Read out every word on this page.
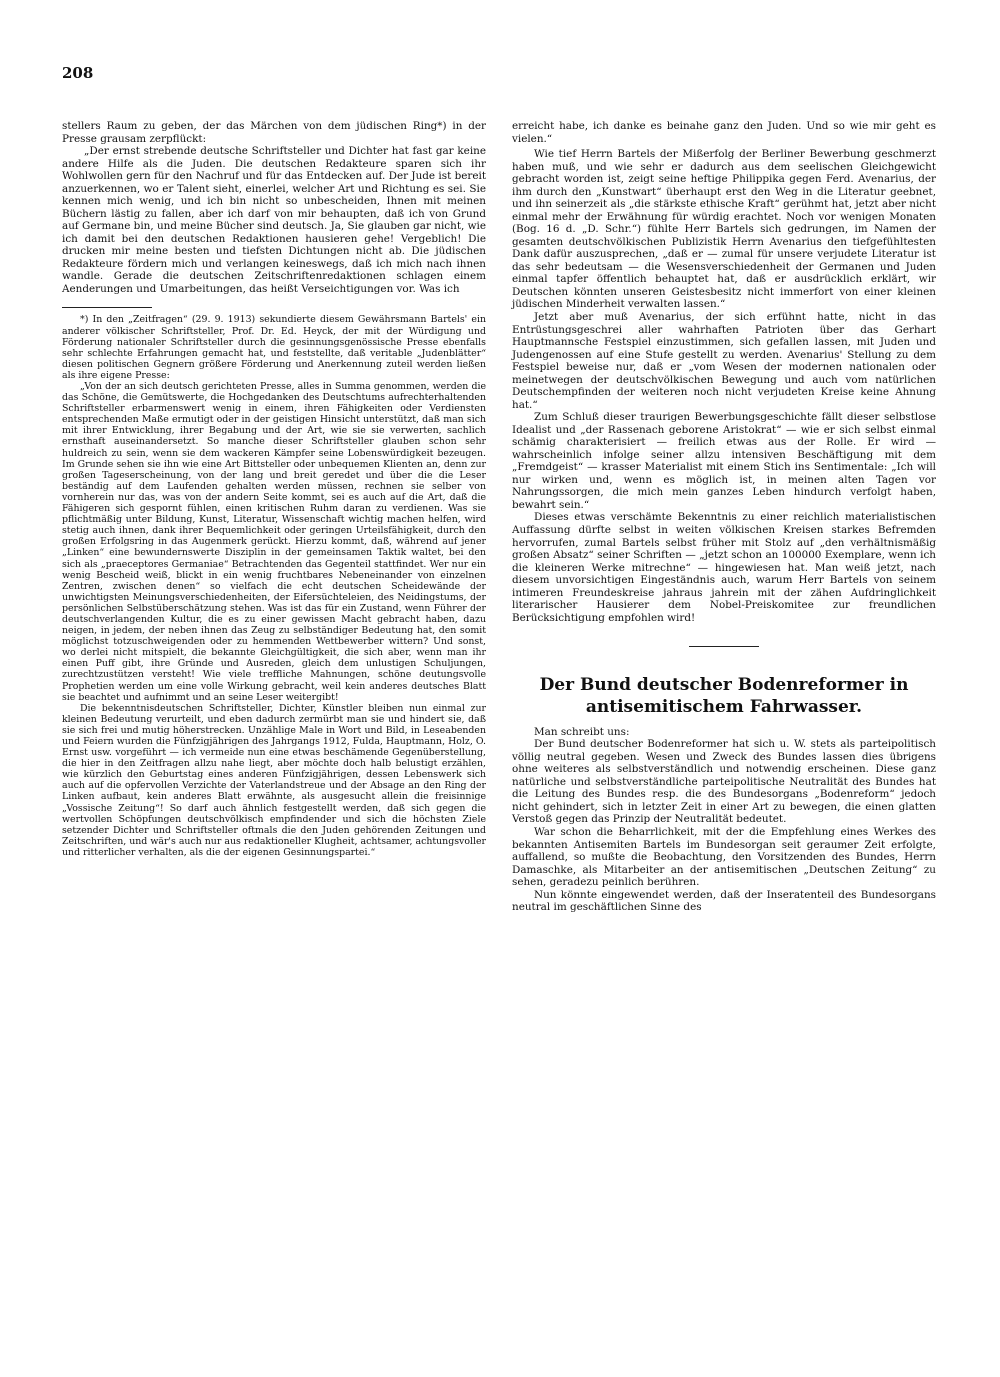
208

stellers Raum zu geben, der das Märchen von dem jüdischen Ring*) in der Presse grausam zerpflückt:

„Der ernst strebende deutsche Schriftsteller und Dichter hat fast gar keine andere Hilfe als die Juden. Die deutschen Redakteure sparen sich ihr Wohlwollen gern für den Nachruf und für das Entdecken auf. Der Jude ist bereit anzuerkennen, wo er Talent sieht, einerlei, welcher Art und Richtung es sei. Sie kennen mich wenig, und ich bin nicht so unbescheiden, Ihnen mit meinen Büchern lästig zu fallen, aber ich darf von mir behaupten, daß ich von Grund auf Germane bin, und meine Bücher sind deutsch. Ja, Sie glauben gar nicht, wie ich damit bei den deutschen Redaktionen hausieren gehe! Vergeblich! Die drucken mir meine besten und tiefsten Dichtungen nicht ab. Die jüdischen Redakteure fördern mich und verlangen keineswegs, daß ich mich nach ihnen wandle. Gerade die deutschen Zeitschriftenredaktionen schlagen einem Aenderungen und Umarbeitungen, das heißt Verseichtigungen vor. Was ich

*) In den „Zeitfragen“ (29. 9. 1913) sekundierte diesem Gewährsmann Bartels' ein anderer völkischer Schriftsteller, Prof. Dr. Ed. Heyck, der mit der Würdigung und Förderung nationaler Schriftsteller durch die gesinnungsgenössische Presse ebenfalls sehr schlechte Erfahrungen gemacht hat, und feststellte, daß veritable „Judenblätter“ diesen politischen Gegnern größere Förderung und Anerkennung zuteil werden ließen als ihre eigene Presse:

„Von der an sich deutsch gerichteten Presse, alles in Summa genommen, werden die das Schöne, die Gemütswerte, die Hochgedanken des Deutschtums aufrechterhaltenden Schriftsteller erbarmenswert wenig in einem, ihren Fähigkeiten oder Verdiensten entsprechenden Maße ermutigt oder in der geistigen Hinsicht unterstützt, daß man sich mit ihrer Entwicklung, ihrer Begabung und der Art, wie sie sie verwerten, sachlich ernsthaft auseinandersetzt. So manche dieser Schriftsteller glauben schon sehr huldreich zu sein, wenn sie dem wackeren Kämpfer seine Lobenswürdigkeit bezeugen. Im Grunde sehen sie ihn wie eine Art Bittsteller oder unbequemen Klienten an, denn zur großen Tageserscheinung, von der lang und breit geredet und über die die Leser beständig auf dem Laufenden gehalten werden müssen, rechnen sie selber von vornherein nur das, was von der andern Seite kommt, sei es auch auf die Art, daß die Fähigeren sich gespornt fühlen, einen kritischen Ruhm daran zu verdienen. Was sie pflichtmäßig unter Bildung, Kunst, Literatur, Wissenschaft wichtig machen helfen, wird stetig auch ihnen, dank ihrer Bequemlichkeit oder geringen Urteilsfähigkeit, durch den großen Erfolgsring in das Augenmerk gerückt. Hierzu kommt, daß, während auf jener „Linken“ eine bewundernswerte Disziplin in der gemeinsamen Taktik waltet, bei den sich als „praeceptores Germaniae“ Betrachtenden das Gegenteil stattfindet. Wer nur ein wenig Bescheid weiß, blickt in ein wenig fruchtbares Nebeneinander von einzelnen Zentren, zwischen denen“ so vielfach die echt deutschen Scheidewände der unwichtigsten Meinungsverschiedenheiten, der Eifersüchteleien, des Neidingstums, der persönlichen Selbstüberschätzung stehen. Was ist das für ein Zustand, wenn Führer der deutschverlangenden Kultur, die es zu einer gewissen Macht gebracht haben, dazu neigen, in jedem, der neben ihnen das Zeug zu selbständiger Bedeutung hat, den somit möglichst totzuschweigenden oder zu hemmenden Wettbewerber wittern? Und sonst, wo derlei nicht mitspielt, die bekannte Gleichgültigkeit, die sich aber, wenn man ihr einen Puff gibt, ihre Gründe und Ausreden, gleich dem unlustigen Schuljungen, zurechtzustützen versteht! Wie viele treffliche Mahnungen, schöne deutungsvolle Prophetien werden um eine volle Wirkung gebracht, weil kein anderes deutsches Blatt sie beachtet und aufnimmt und an seine Leser weitergibt!

Die bekenntnisdeutschen Schriftsteller, Dichter, Künstler bleiben nun einmal zur kleinen Bedeutung verurteilt, und eben dadurch zermürbt man sie und hindert sie, daß sie sich frei und mutig höherstrecken. Unzählige Male in Wort und Bild, in Leseabenden und Feiern wurden die Fünfzigjährigen des Jahrgangs 1912, Fulda, Hauptmann, Holz, O. Ernst usw. vorgeführt — ich vermeide nun eine etwas beschämende Gegenüberstellung, die hier in den Zeitfragen allzu nahe liegt, aber möchte doch halb belustigt erzählen, wie kürzlich den Geburtstag eines anderen Fünfzigjährigen, dessen Lebenswerk sich auch auf die opfervollen Verzichte der Vaterlandstreue und der Absage an den Ring der Linken aufbaut, kein anderes Blatt erwähnte, als ausgesucht allein die freisinnige „Vossische Zeitung“! So darf auch ähnlich festgestellt werden, daß sich gegen die wertvollen Schöpfungen deutschvölkisch empfindender und sich die höchsten Ziele setzender Dichter und Schriftsteller oftmals die den Juden gehörenden Zeitungen und Zeitschriften, und wär's auch nur aus redaktioneller Klugheit, achtsamer, achtungsvoller und ritterlicher verhalten, als die der eigenen Gesinnungspartei.“

erreicht habe, ich danke es beinahe ganz den Juden. Und so wie mir geht es vielen.“

Wie tief Herrn Bartels der Mißerfolg der Berliner Bewerbung geschmerzt haben muß, und wie sehr er dadurch aus dem seelischen Gleichgewicht gebracht worden ist, zeigt seine heftige Philippika gegen Ferd. Avenarius, der ihm durch den „Kunstwart“ überhaupt erst den Weg in die Literatur geebnet, und ihn seinerzeit als „die stärkste ethische Kraft“ gerühmt hat, jetzt aber nicht einmal mehr der Erwähnung für würdig erachtet. Noch vor wenigen Monaten (Bog. 16 d. „D. Schr.“) fühlte Herr Bartels sich gedrungen, im Namen der gesamten deutschvölkischen Publizistik Herrn Avenarius den tiefgefühltesten Dank dafür auszusprechen, „daß er — zumal für unsere verjudete Literatur ist das sehr bedeutsam — die Wesensverschiedenheit der Germanen und Juden einmal tapfer öffentlich behauptet hat, daß er ausdrücklich erklärt, wir Deutschen könnten unseren Geistesbesitz nicht immerfort von einer kleinen jüdischen Minderheit verwalten lassen.“

Jetzt aber muß Avenarius, der sich erfühnt hatte, nicht in das Entrüstungsgeschrei aller wahrhaften Patrioten über das Gerhart Hauptmannsche Festspiel einzustimmen, sich gefallen lassen, mit Juden und Judengenossen auf eine Stufe gestellt zu werden. Avenarius' Stellung zu dem Festspiel beweise nur, daß er „vom Wesen der modernen nationalen oder meinetwegen der deutschvölkischen Bewegung und auch vom natürlichen Deutschempfinden der weiteren noch nicht verjudeten Kreise keine Ahnung hat.“

Zum Schluß dieser traurigen Bewerbungsgeschichte fällt dieser selbstlose Idealist und „der Rassenach geborene Aristokrat“ — wie er sich selbst einmal schämig charakterisiert — freilich etwas aus der Rolle. Er wird — wahrscheinlich infolge seiner allzu intensiven Beschäftigung mit dem „Fremdgeist“ — krasser Materialist mit einem Stich ins Sentimentale: „Ich will nur wirken und, wenn es möglich ist, in meinen alten Tagen vor Nahrungssorgen, die mich mein ganzes Leben hindurch verfolgt haben, bewahrt sein.“

Dieses etwas verschämte Bekenntnis zu einer reichlich materialistischen Auffassung dürfte selbst in weiten völkischen Kreisen starkes Befremden hervorrufen, zumal Bartels selbst früher mit Stolz auf „den verhältnismäßig großen Absatz“ seiner Schriften — „jetzt schon an 100000 Exemplare, wenn ich die kleineren Werke mitrechne“ — hingewiesen hat. Man weiß jetzt, nach diesem unvorsichtigen Eingeständnis auch, warum Herr Bartels von seinem intimeren Freundeskreise jahraus jahrein mit der zähen Aufdringlichkeit literarischer Hausierer dem Nobel-Preiskomitee zur freundlichen Berücksichtigung empfohlen wird!

Der Bund deutscher Bodenreformer in antisemitischem Fahrwasser.

Man schreibt uns:

Der Bund deutscher Bodenreformer hat sich u. W. stets als parteipolitisch völlig neutral gegeben. Wesen und Zweck des Bundes lassen dies übrigens ohne weiteres als selbstverständlich und notwendig erscheinen. Diese ganz natürliche und selbstverständliche parteipolitische Neutralität des Bundes hat die Leitung des Bundes resp. die des Bundesorgans „Bodenreform“ jedoch nicht gehindert, sich in letzter Zeit in einer Art zu bewegen, die einen glatten Verstoß gegen das Prinzip der Neutralität bedeutet.

War schon die Beharrlichkeit, mit der die Empfehlung eines Werkes des bekannten Antisemiten Bartels im Bundesorgan seit geraumer Zeit erfolgte, auffallend, so mußte die Beobachtung, den Vorsitzenden des Bundes, Herrn Damaschke, als Mitarbeiter an der antisemitischen „Deutschen Zeitung“ zu sehen, geradezu peinlich berühren.

Nun könnte eingewendet werden, daß der Inseratenteil des Bundesorgans neutral im geschäftlichen Sinne des
